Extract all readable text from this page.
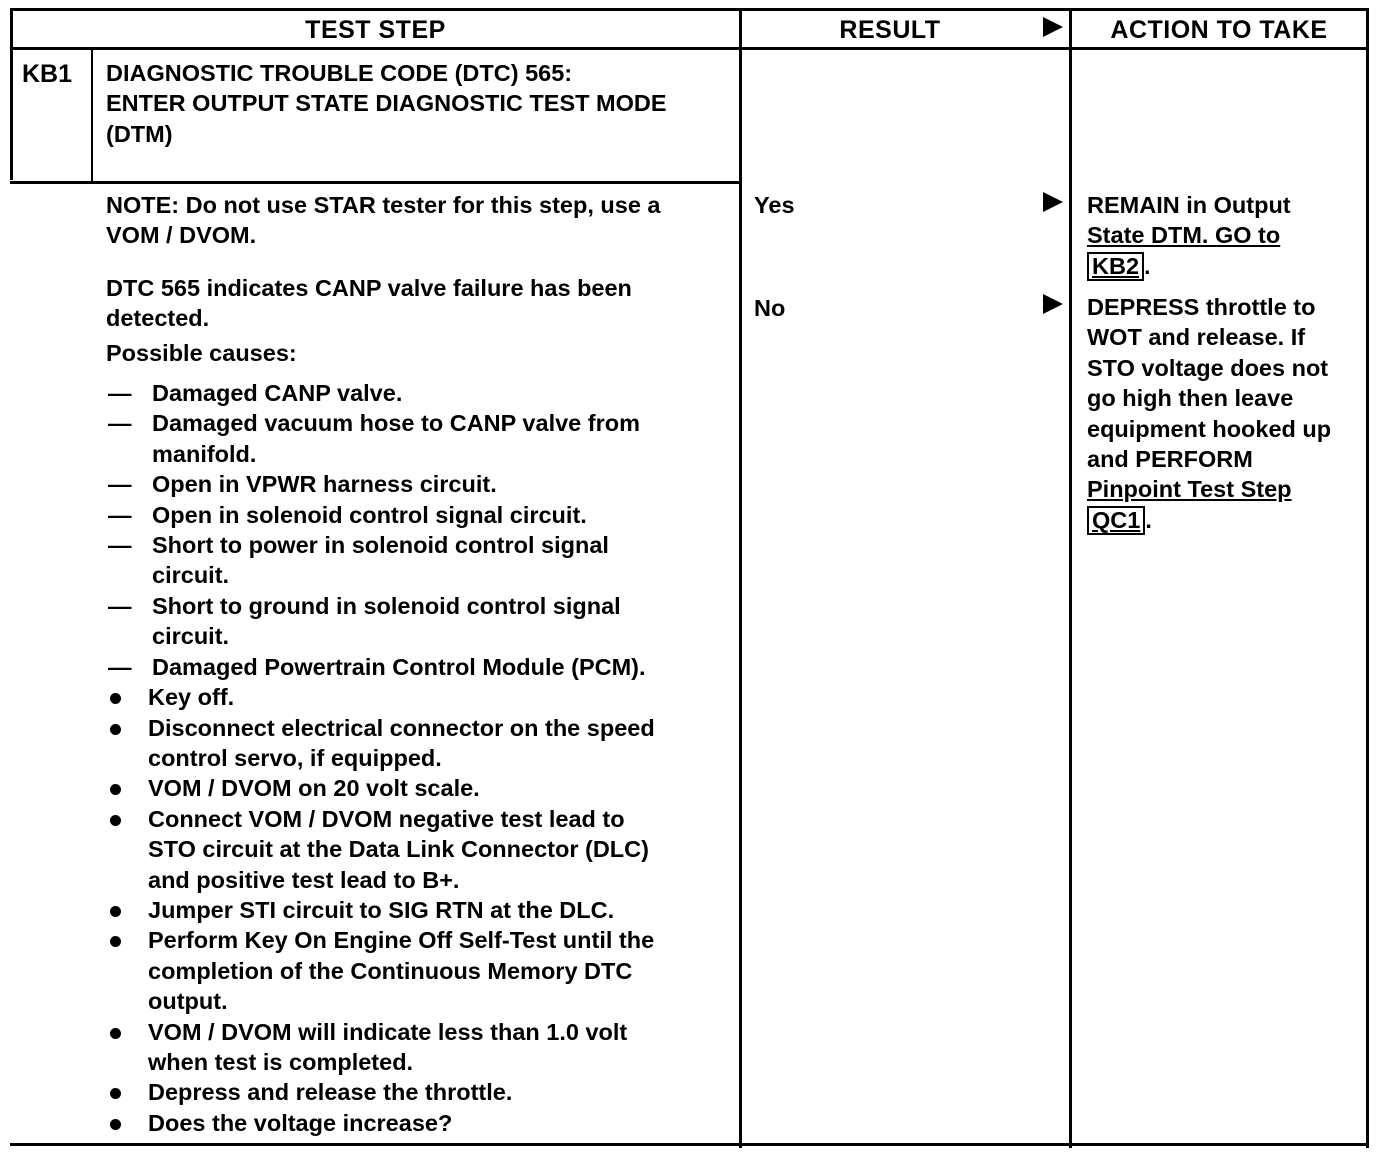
TEST STEP	RESULT	ACTION TO TAKE
KB1 DIAGNOSTIC TROUBLE CODE (DTC) 565:
ENTER OUTPUT STATE DIAGNOSTIC TEST MODE
(DTM)
NOTE: Do not use STAR tester for this step, use a
VOM / DVOM.
DTC 565 indicates CANP valve failure has been
detected.
Possible causes:
— Damaged CANP valve.
— Damaged vacuum hose to CANP valve from
manifold.
— Open in VPWR harness circuit.
— Open in solenoid control signal circuit.
— Short to power in solenoid control signal
circuit.
— Short to ground in solenoid control signal
circuit.
— Damaged Powertrain Control Module (PCM).
Key off.
Disconnect electrical connector on the speed
control servo, if equipped.
VOM / DVOM on 20 volt scale.
Connect VOM / DVOM negative test lead to
STO circuit at the Data Link Connector (DLC)
and positive test lead to B+.
Jumper STI circuit to SIG RTN at the DLC.
Perform Key On Engine Off Self-Test until the
completion of the Continuous Memory DTC
output.
VOM / DVOM will indicate less than 1.0 volt
when test is completed.
Depress and release the throttle.
Does the voltage increase?
Yes
No
REMAIN in Output
State DTM. GO to
KB2 .
DEPRESS throttle to
WOT and release. If
STO voltage does not
go high then leave
equipment hooked up
and PERFORM
Pinpoint Test Step
QC1 .
